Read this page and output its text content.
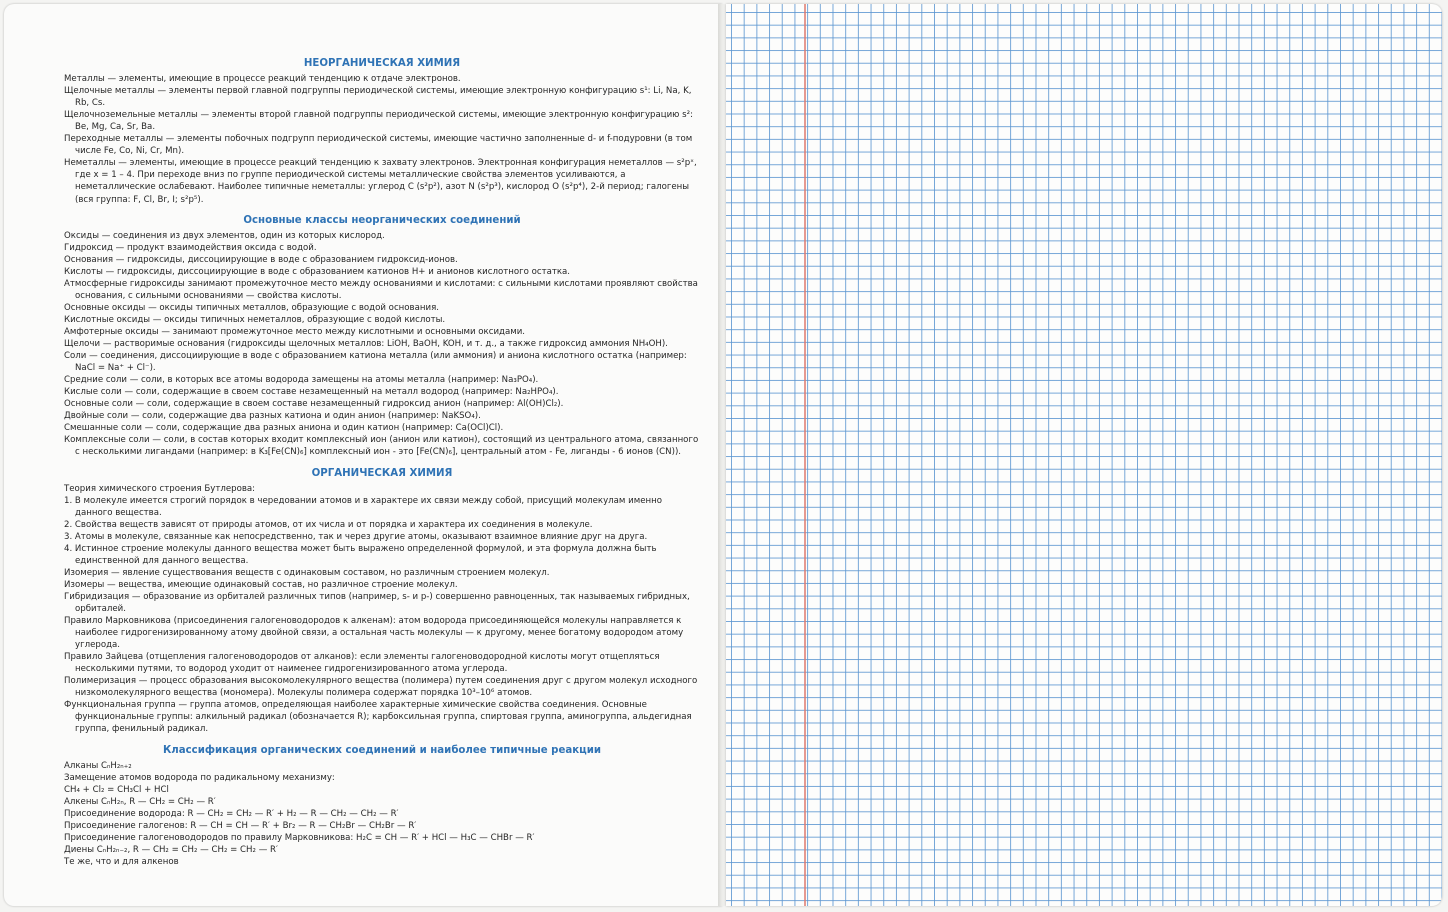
НЕОРГАНИЧЕСКАЯ ХИМИЯ

Металлы — элементы, имеющие в процессе реакций тенденцию к отдаче электронов.

Щелочные металлы — элементы первой главной подгруппы периодической системы, имеющие электронную конфигурацию s¹: Li, Na, K, Rb, Cs.

Щелочноземельные металлы — элементы второй главной подгруппы периодической системы, имеющие электронную конфигурацию s²: Be, Mg, Ca, Sr, Ba.

Переходные металлы — элементы побочных подгрупп периодической системы, имеющие частично заполненные d- и f-подуровни (в том числе Fe, Co, Ni, Cr, Mn).

Неметаллы — элементы, имеющие в процессе реакций тенденцию к захвату электронов. Электронная конфигурация неметаллов — s²pˣ, где x = 1 – 4. При переходе вниз по группе периодической системы металлические свойства элементов усиливаются, а неметаллические ослабевают. Наиболее типичные неметаллы: углерод C (s²p²), азот N (s²p³), кислород O (s²p⁴), 2-й период; галогены (вся группа: F, Cl, Br, I; s²p⁵).

Основные классы неорганических соединений

Оксиды — соединения из двух элементов, один из которых кислород.

Гидроксид — продукт взаимодействия оксида с водой.

Основания — гидроксиды, диссоциирующие в воде с образованием гидроксид-ионов.

Кислоты — гидроксиды, диссоциирующие в воде с образованием катионов H+ и анионов кислотного остатка.

Атмосферные гидроксиды занимают промежуточное место между основаниями и кислотами: с сильными кислотами проявляют свойства основания, с сильными основаниями — свойства кислоты.

Основные оксиды — оксиды типичных металлов, образующие с водой основания.

Кислотные оксиды — оксиды типичных неметаллов, образующие с водой кислоты.

Амфотерные оксиды — занимают промежуточное место между кислотными и основными оксидами.

Щелочи — растворимые основания (гидроксиды щелочных металлов: LiOH, BaOH, KOH, и т. д., а также гидроксид аммония NH₄OH).

Соли — соединения, диссоциирующие в воде с образованием катиона металла (или аммония) и аниона кислотного остатка (например: NaCl = Na⁺ + Cl⁻).

Средние соли — соли, в которых все атомы водорода замещены на атомы металла (например: Na₃PO₄).

Кислые соли — соли, содержащие в своем составе незамещенный на металл водород (например: Na₂HPO₄).

Основные соли — соли, содержащие в своем составе незамещенный гидроксид анион (например: Al(OH)Cl₂).

Двойные соли — соли, содержащие два разных катиона и один анион (например: NaKSO₄).

Смешанные соли — соли, содержащие два разных аниона и один катион (например: Ca(OCl)Cl).

Комплексные соли — соли, в состав которых входит комплексный ион (анион или катион), состоящий из центрального атома, связанного с несколькими лигандами (например: в K₃[Fe(CN)₆] комплексный ион - это [Fe(CN)₆], центральный атом - Fe, лиганды - 6 ионов (CN)).

ОРГАНИЧЕСКАЯ ХИМИЯ

Теория химического строения Бутлерова:

1. В молекуле имеется строгий порядок в чередовании атомов и в характере их связи между собой, присущий молекулам именно данного вещества.

2. Свойства веществ зависят от природы атомов, от их числа и от порядка и характера их соединения в молекуле.

3. Атомы в молекуле, связанные как непосредственно, так и через другие атомы, оказывают взаимное влияние друг на друга.

4. Истинное строение молекулы данного вещества может быть выражено определенной формулой, и эта формула должна быть единственной для данного вещества.

Изомерия — явление существования веществ с одинаковым составом, но различным строением молекул.

Изомеры — вещества, имеющие одинаковый состав, но различное строение молекул.

Гибридизация — образование из орбиталей различных типов (например, s- и p-) совершенно равноценных, так называемых гибридных, орбиталей.

Правило Марковникова (присоединения галогеноводородов к алкенам): атом водорода присоединяющейся молекулы направляется к наиболее гидрогенизированному атому двойной связи, а остальная часть молекулы — к другому, менее богатому водородом атому углерода.

Правило Зайцева (отщепления галогеноводородов от алканов): если элементы галогеноводородной кислоты могут отщепляться несколькими путями, то водород уходит от наименее гидрогенизированного атома углерода.

Полимеризация — процесс образования высокомолекулярного вещества (полимера) путем соединения друг с другом молекул исходного низкомолекулярного вещества (мономера). Молекулы полимера содержат порядка 10³–10⁶ атомов.

Функциональная группа — группа атомов, определяющая наиболее характерные химические свойства соединения. Основные функциональные группы: алкильный радикал (обозначается R); карбоксильная группа, спиртовая группа, аминогруппа, альдегидная группа, фенильный радикал.

Классификация органических соединений и наиболее типичные реакции

Алканы CₙH₂ₙ₊₂

Замещение атомов водорода по радикальному механизму:

CH₄ + Cl₂ = CH₃Cl + HCl

Алкены CₙH₂ₙ, R — CH₂ = CH₂ — R′

Присоединение водорода: R — CH₂ = CH₂ — R′ + H₂ — R — CH₂ — CH₂ — R′

Присоединение галогенов: R — CH = CH — R′ + Br₂ — R — CH₂Br — CH₂Br — R′

Присоединение галогеноводородов по правилу Марковникова: H₂C = CH — R′ + HCl — H₃C — CHBr — R′

Диены CₙH₂ₙ₋₂, R — CH₂ = CH₂ — CH₂ = CH₂ — R′

Те же, что и для алкенов
